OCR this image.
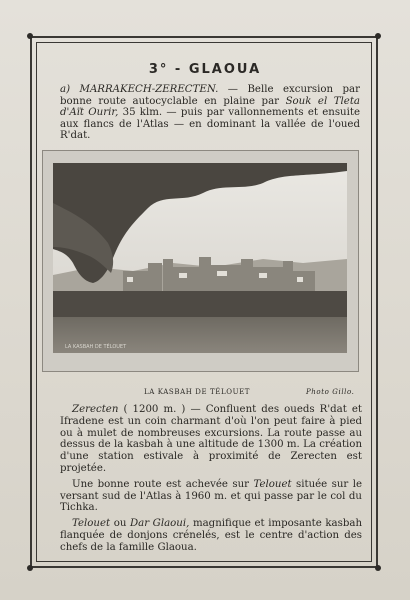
3° - GLAOUA
a) MARRAKECH-ZERECTEN. — Belle excursion par bonne route autocyclable en plaine par Souk el Tleta d'Aït Ourir, 35 klm. — puis par vallonnements et ensuite aux flancs de l'Atlas — en dominant la vallée de l'oued R'dat.
LA KASBAH DE TÉLOUET
LA KASBAH DE TÉLOUET	Photo Gillo.

Zerecten ( 1200 m. ) — Confluent des oueds R'dat et Ifradene est un coin charmant d'où l'on peut faire à pied ou à mulet de nombreuses excursions. La route passe au dessus de la kasbah à une altitude de 1300 m. La création d'une station estivale à proximité de Zerecten est projetée.

Une bonne route est achevée sur Telouet située sur le versant sud de l'Atlas à 1960 m. et qui passe par le col du Tichka.

Telouet ou Dar Glaoui, magnifique et imposante kasbah flanquée de donjons crénelés, est le centre d'action des chefs de la famille Glaoua.
